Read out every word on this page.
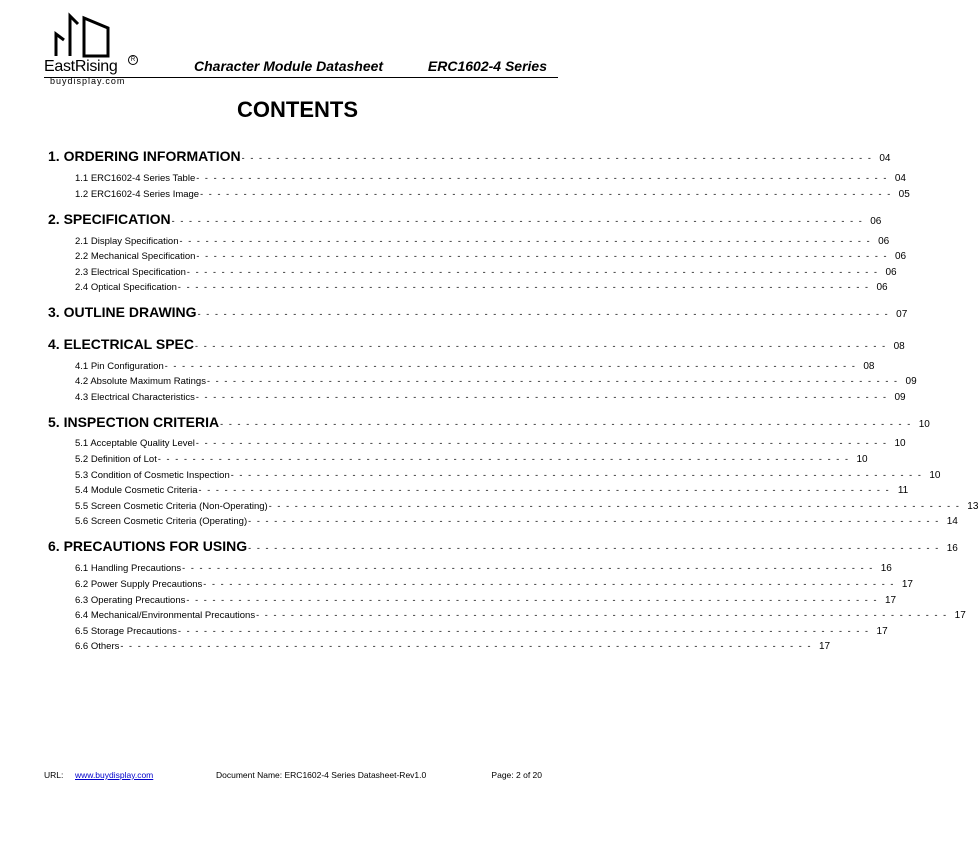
EastRising	R
buydisplay.com
Character Module Datasheet	ERC1602-4 Series
CONTENTS
1. ORDERING INFORMATION - - - - - - - - - - - - - - - - - - - - - - - - - - - - - - - - - - - - - - - - - - - - - - - - - - - - - - - - - - - - - - - - - - - - - - - - - 04
1.1 ERC1602-4 Series Table - - - - - - - - - - - - - - - - - - - - - - - - - - - - - - - - - - - - - - - - - - - - - - - - - - - - - - - - - - - - - - - - - - - - - - - - - - - - - - - - 04
1.2 ERC1602-4 Series Image - - - - - - - - - - - - - - - - - - - - - - - - - - - - - - - - - - - - - - - - - - - - - - - - - - - - - - - - - - - - - - - - - - - - - - - - - - - - - - - - 05
2. SPECIFICATION - - - - - - - - - - - - - - - - - - - - - - - - - - - - - - - - - - - - - - - - - - - - - - - - - - - - - - - - - - - - - - - - - - - - - - - - - - - - - - - - 06
2.1 Display Specification - - - - - - - - - - - - - - - - - - - - - - - - - - - - - - - - - - - - - - - - - - - - - - - - - - - - - - - - - - - - - - - - - - - - - - - - - - - - - - - - 06
2.2 Mechanical Specification - - - - - - - - - - - - - - - - - - - - - - - - - - - - - - - - - - - - - - - - - - - - - - - - - - - - - - - - - - - - - - - - - - - - - - - - - - - - - - - - 06
2.3 Electrical Specification - - - - - - - - - - - - - - - - - - - - - - - - - - - - - - - - - - - - - - - - - - - - - - - - - - - - - - - - - - - - - - - - - - - - - - - - - - - - - - - - 06
2.4 Optical Specification - - - - - - - - - - - - - - - - - - - - - - - - - - - - - - - - - - - - - - - - - - - - - - - - - - - - - - - - - - - - - - - - - - - - - - - - - - - - - - - - 06
3. OUTLINE DRAWING - - - - - - - - - - - - - - - - - - - - - - - - - - - - - - - - - - - - - - - - - - - - - - - - - - - - - - - - - - - - - - - - - - - - - - - - - - - - - - - - 07
4. ELECTRICAL SPEC - - - - - - - - - - - - - - - - - - - - - - - - - - - - - - - - - - - - - - - - - - - - - - - - - - - - - - - - - - - - - - - - - - - - - - - - - - - - - - - - 08
4.1 Pin Configuration - - - - - - - - - - - - - - - - - - - - - - - - - - - - - - - - - - - - - - - - - - - - - - - - - - - - - - - - - - - - - - - - - - - - - - - - - - - - - - - - 08
4.2 Absolute Maximum Ratings - - - - - - - - - - - - - - - - - - - - - - - - - - - - - - - - - - - - - - - - - - - - - - - - - - - - - - - - - - - - - - - - - - - - - - - - - - - - - - - - 09
4.3 Electrical Characteristics - - - - - - - - - - - - - - - - - - - - - - - - - - - - - - - - - - - - - - - - - - - - - - - - - - - - - - - - - - - - - - - - - - - - - - - - - - - - - - - - 09
5. INSPECTION CRITERIA - - - - - - - - - - - - - - - - - - - - - - - - - - - - - - - - - - - - - - - - - - - - - - - - - - - - - - - - - - - - - - - - - - - - - - - - - - - - - - - - 10
5.1 Acceptable Quality Level - - - - - - - - - - - - - - - - - - - - - - - - - - - - - - - - - - - - - - - - - - - - - - - - - - - - - - - - - - - - - - - - - - - - - - - - - - - - - - - - 10
5.2 Definition of Lot - - - - - - - - - - - - - - - - - - - - - - - - - - - - - - - - - - - - - - - - - - - - - - - - - - - - - - - - - - - - - - - - - - - - - - - - - - - - - - - - 10
5.3 Condition of Cosmetic Inspection - - - - - - - - - - - - - - - - - - - - - - - - - - - - - - - - - - - - - - - - - - - - - - - - - - - - - - - - - - - - - - - - - - - - - - - - - - - - - - - - 10
5.4 Module Cosmetic Criteria - - - - - - - - - - - - - - - - - - - - - - - - - - - - - - - - - - - - - - - - - - - - - - - - - - - - - - - - - - - - - - - - - - - - - - - - - - - - - - - - 11
5.5 Screen Cosmetic Criteria (Non-Operating) - - - - - - - - - - - - - - - - - - - - - - - - - - - - - - - - - - - - - - - - - - - - - - - - - - - - - - - - - - - - - - - - - - - - - - - - - - - - - - - - 13
5.6 Screen Cosmetic Criteria (Operating) - - - - - - - - - - - - - - - - - - - - - - - - - - - - - - - - - - - - - - - - - - - - - - - - - - - - - - - - - - - - - - - - - - - - - - - - - - - - - - - - 14
6. PRECAUTIONS FOR USING - - - - - - - - - - - - - - - - - - - - - - - - - - - - - - - - - - - - - - - - - - - - - - - - - - - - - - - - - - - - - - - - - - - - - - - - - - - - - - - - 16
6.1 Handling Precautions - - - - - - - - - - - - - - - - - - - - - - - - - - - - - - - - - - - - - - - - - - - - - - - - - - - - - - - - - - - - - - - - - - - - - - - - - - - - - - - - 16
6.2 Power Supply Precautions - - - - - - - - - - - - - - - - - - - - - - - - - - - - - - - - - - - - - - - - - - - - - - - - - - - - - - - - - - - - - - - - - - - - - - - - - - - - - - - - 17
6.3 Operating Precautions - - - - - - - - - - - - - - - - - - - - - - - - - - - - - - - - - - - - - - - - - - - - - - - - - - - - - - - - - - - - - - - - - - - - - - - - - - - - - - - - 17
6.4 Mechanical/Environmental Precautions - - - - - - - - - - - - - - - - - - - - - - - - - - - - - - - - - - - - - - - - - - - - - - - - - - - - - - - - - - - - - - - - - - - - - - - - - - - - - - - - 17
6.5 Storage Precautions - - - - - - - - - - - - - - - - - - - - - - - - - - - - - - - - - - - - - - - - - - - - - - - - - - - - - - - - - - - - - - - - - - - - - - - - - - - - - - - - 17
6.6 Others - - - - - - - - - - - - - - - - - - - - - - - - - - - - - - - - - - - - - - - - - - - - - - - - - - - - - - - - - - - - - - - - - - - - - - - - - - - - - - - - 17
URL: www.buydisplay.com	Document Name: ERC1602-4 Series Datasheet-Rev1.0	Page: 2 of 20
